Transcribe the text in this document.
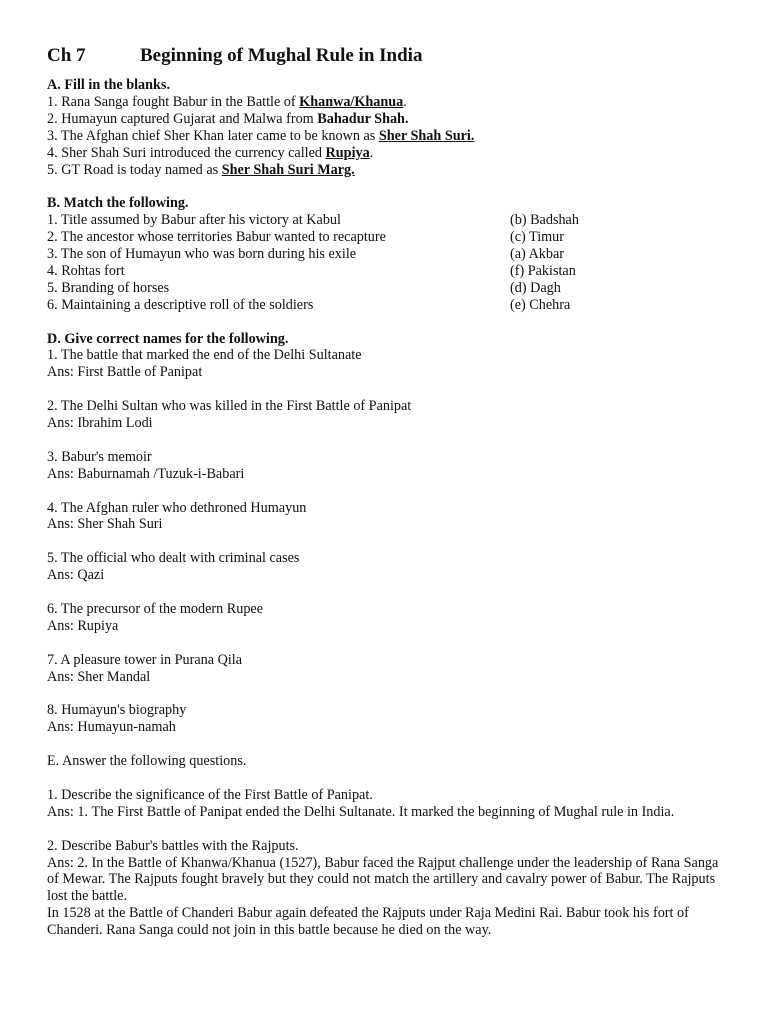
Ch 7	Beginning of Mughal Rule in India
A. Fill in the blanks.
1. Rana Sanga fought Babur in the Battle of Khanwa/Khanua.
2. Humayun captured Gujarat and Malwa from Bahadur Shah.
3. The Afghan chief Sher Khan later came to be known as Sher Shah Suri.
4. Sher Shah Suri introduced the currency called Rupiya.
5. GT Road is today named as Sher Shah Suri Marg.
B. Match the following.
1. Title assumed by Babur after his victory at Kabul	(b) Badshah
2. The ancestor whose territories Babur wanted to recapture	(c) Timur
3. The son of Humayun who was born during his exile	(a) Akbar
4. Rohtas fort	(f) Pakistan
5. Branding of horses	(d) Dagh
6. Maintaining a descriptive roll of the soldiers	(e) Chehra
D. Give correct names for the following.
1. The battle that marked the end of the Delhi Sultanate
Ans: First Battle of Panipat
2. The Delhi Sultan who was killed in the First Battle of Panipat
Ans: Ibrahim Lodi
3. Babur's memoir
Ans: Baburnamah /Tuzuk-i-Babari
4. The Afghan ruler who dethroned Humayun
Ans: Sher Shah Suri
5. The official who dealt with criminal cases
Ans: Qazi
6. The precursor of the modern Rupee
Ans: Rupiya
7. A pleasure tower in Purana Qila
Ans: Sher Mandal
8. Humayun's biography
Ans: Humayun-namah
E. Answer the following questions.
1. Describe the significance of the First Battle of Panipat.
Ans: 1. The First Battle of Panipat ended the Delhi Sultanate. It marked the beginning of Mughal rule in India.
2. Describe Babur's battles with the Rajputs.
Ans: 2. In the Battle of Khanwa/Khanua (1527), Babur faced the Rajput challenge under the leadership of Rana Sanga of Mewar. The Rajputs fought bravely but they could not match the artillery and cavalry power of Babur. The Rajputs lost the battle.
In 1528 at the Battle of Chanderi Babur again defeated the Rajputs under Raja Medini Rai. Babur took his fort of Chanderi. Rana Sanga could not join in this battle because he died on the way.
